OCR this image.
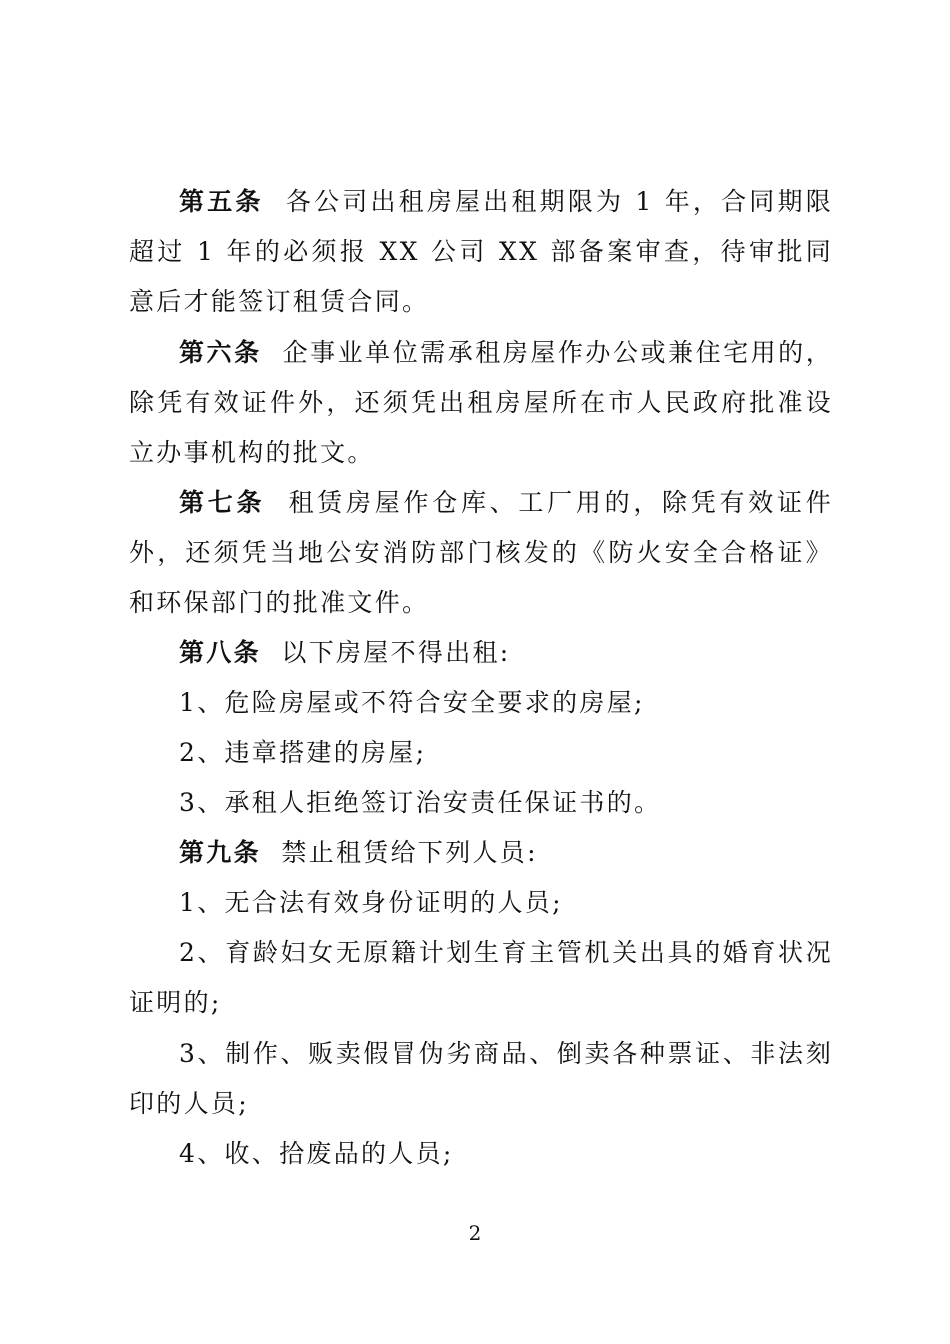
第五条 各公司出租房屋出租期限为 1 年，合同期限超过 1 年的必须报 XX 公司 XX 部备案审查，待审批同意后才能签订租赁合同。

第六条 企事业单位需承租房屋作办公或兼住宅用的，除凭有效证件外，还须凭出租房屋所在市人民政府批准设立办事机构的批文。

第七条 租赁房屋作仓库、工厂用的，除凭有效证件外，还须凭当地公安消防部门核发的《防火安全合格证》和环保部门的批准文件。

第八条 以下房屋不得出租:

1、危险房屋或不符合安全要求的房屋;

2、违章搭建的房屋;

3、承租人拒绝签订治安责任保证书的。

第九条 禁止租赁给下列人员:

1、无合法有效身份证明的人员;

2、育龄妇女无原籍计划生育主管机关出具的婚育状况证明的;

3、制作、贩卖假冒伪劣商品、倒卖各种票证、非法刻印的人员;

4、收、拾废品的人员;

2
